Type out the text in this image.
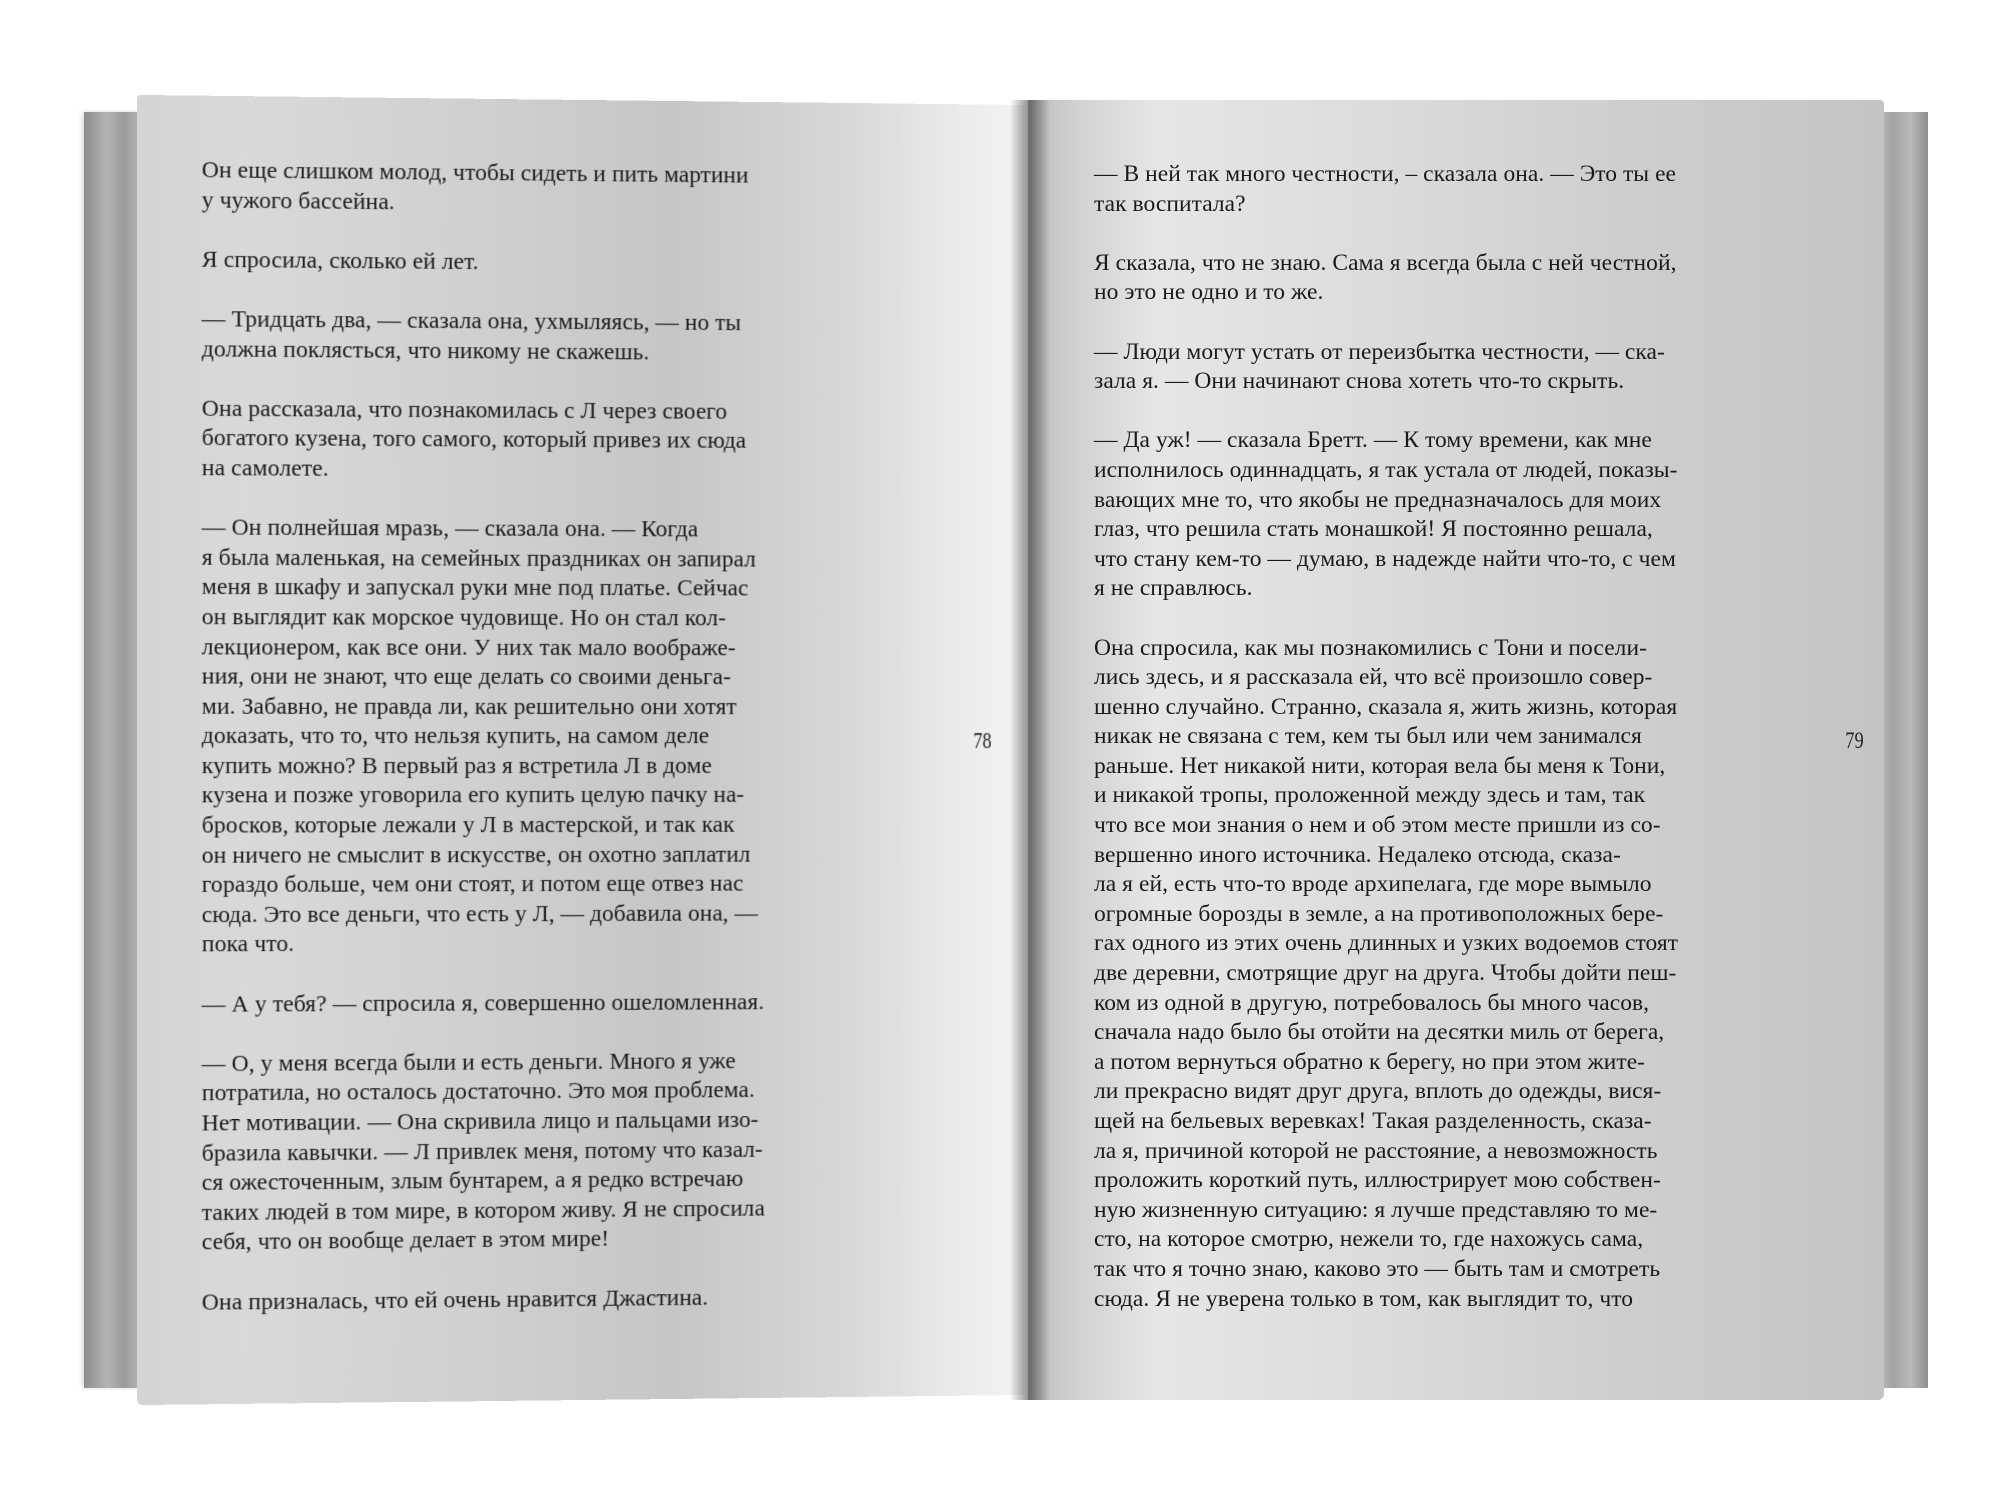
Он еще слишком молод, чтобы сидеть и пить мартини
у чужого бассейна.

Я спросила, сколько ей лет.

— Тридцать два, — сказала она, ухмыляясь, — но ты
должна поклясться, что никому не скажешь.

Она рассказала, что познакомилась с Л через своего
богатого кузена, того самого, который привез их сюда
на самолете.

— Он полнейшая мразь, — сказала она. — Когда
я была маленькая, на семейных праздниках он запирал
меня в шкафу и запускал руки мне под платье. Сейчас
он выглядит как морское чудовище. Но он стал кол-
лекционером, как все они. У них так мало воображе-
ния, они не знают, что еще делать со своими деньга-
ми. Забавно, не правда ли, как решительно они хотят
доказать, что то, что нельзя купить, на самом деле
купить можно? В первый раз я встретила Л в доме
кузена и позже уговорила его купить целую пачку на-
бросков, которые лежали у Л в мастерской, и так как
он ничего не смыслит в искусстве, он охотно заплатил
гораздо больше, чем они стоят, и потом еще отвез нас
сюда. Это все деньги, что есть у Л, — добавила она, —
пока что.

— А у тебя? — спросила я, совершенно ошеломленная.

— О, у меня всегда были и есть деньги. Много я уже
потратила, но осталось достаточно. Это моя проблема.
Нет мотивации. — Она скривила лицо и пальцами изо-
бразила кавычки. — Л привлек меня, потому что казал-
ся ожесточенным, злым бунтарем, а я редко встречаю
таких людей в том мире, в котором живу. Я не спросила
себя, что он вообще делает в этом мире!

Она призналась, что ей очень нравится Джастина.

78

— В ней так много честности, – сказала она. — Это ты ее
так воспитала?

Я сказала, что не знаю. Сама я всегда была с ней честной,
но это не одно и то же.

— Люди могут устать от переизбытка честности, — ска-
зала я. — Они начинают снова хотеть что-то скрыть.

— Да уж! — сказала Бретт. — К тому времени, как мне
исполнилось одиннадцать, я так устала от людей, показы-
вающих мне то, что якобы не предназначалось для моих
глаз, что решила стать монашкой! Я постоянно решала,
что стану кем-то — думаю, в надежде найти что-то, с чем
я не справлюсь.

Она спросила, как мы познакомились с Тони и посели-
лись здесь, и я рассказала ей, что всё произошло совер-
шенно случайно. Странно, сказала я, жить жизнь, которая
никак не связана с тем, кем ты был или чем занимался
раньше. Нет никакой нити, которая вела бы меня к Тони,
и никакой тропы, проложенной между здесь и там, так
что все мои знания о нем и об этом месте пришли из со-
вершенно иного источника. Недалеко отсюда, сказа-
ла я ей, есть что-то вроде архипелага, где море вымыло
огромные борозды в земле, а на противоположных бере-
гах одного из этих очень длинных и узких водоемов стоят
две деревни, смотрящие друг на друга. Чтобы дойти пеш-
ком из одной в другую, потребовалось бы много часов,
сначала надо было бы отойти на десятки миль от берега,
а потом вернуться обратно к берегу, но при этом жите-
ли прекрасно видят друг друга, вплоть до одежды, вися-
щей на бельевых веревках! Такая разделенность, сказа-
ла я, причиной которой не расстояние, а невозможность
проложить короткий путь, иллюстрирует мою собствен-
ную жизненную ситуацию: я лучше представляю то ме-
сто, на которое смотрю, нежели то, где нахожусь сама,
так что я точно знаю, каково это — быть там и смотреть
сюда. Я не уверена только в том, как выглядит то, что

79
